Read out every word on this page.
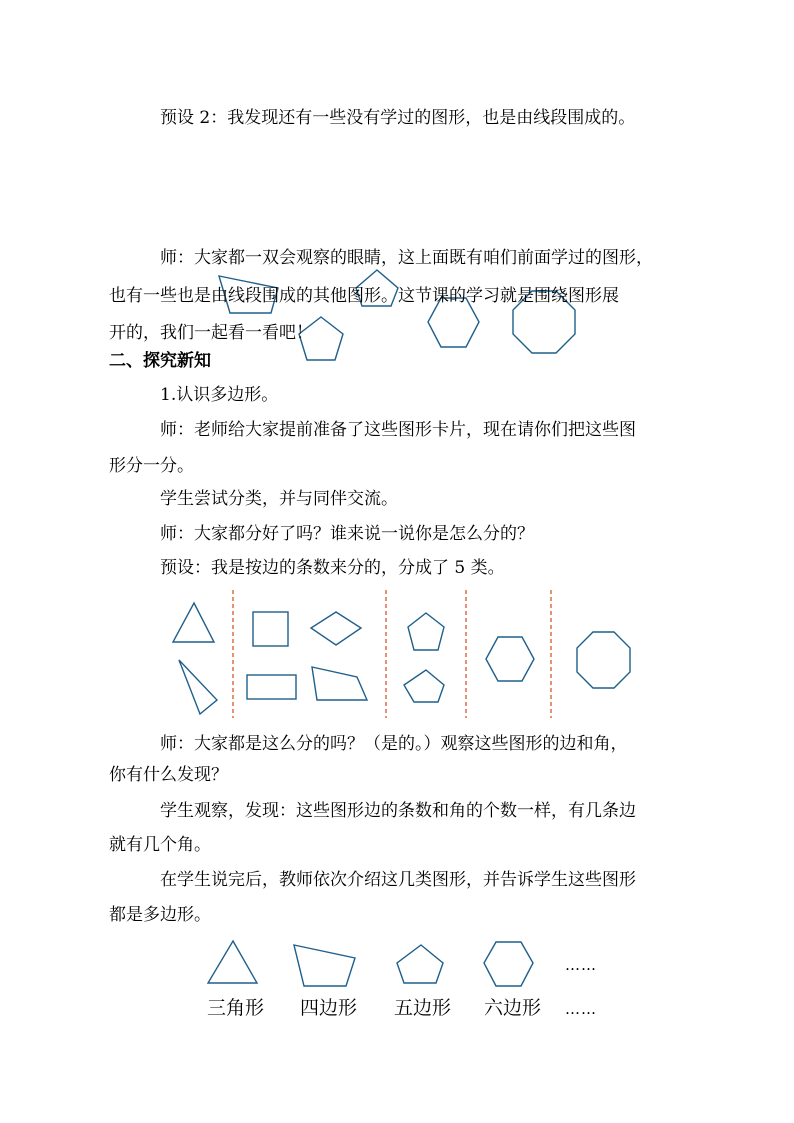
预设 2：我发现还有一些没有学过的图形，也是由线段围成的。

师：大家都一双会观察的眼睛，这上面既有咱们前面学过的图形，

也有一些也是由线段围成的其他图形。这节课的学习就是围绕图形展

开的，我们一起看一看吧！

二、探究新知

1.认识多边形。

师：老师给大家提前准备了这些图形卡片，现在请你们把这些图

形分一分。

学生尝试分类，并与同伴交流。

师：大家都分好了吗？谁来说一说你是怎么分的？

预设：我是按边的条数来分的，分成了 5 类。

师：大家都是这么分的吗？（是的。）观察这些图形的边和角，

你有什么发现？

学生观察，发现：这些图形边的条数和角的个数一样，有几条边

就有几个角。

在学生说完后，教师依次介绍这几类图形，并告诉学生这些图形

都是多边形。

……
三角形 四边形 五边形 六边形 ……
